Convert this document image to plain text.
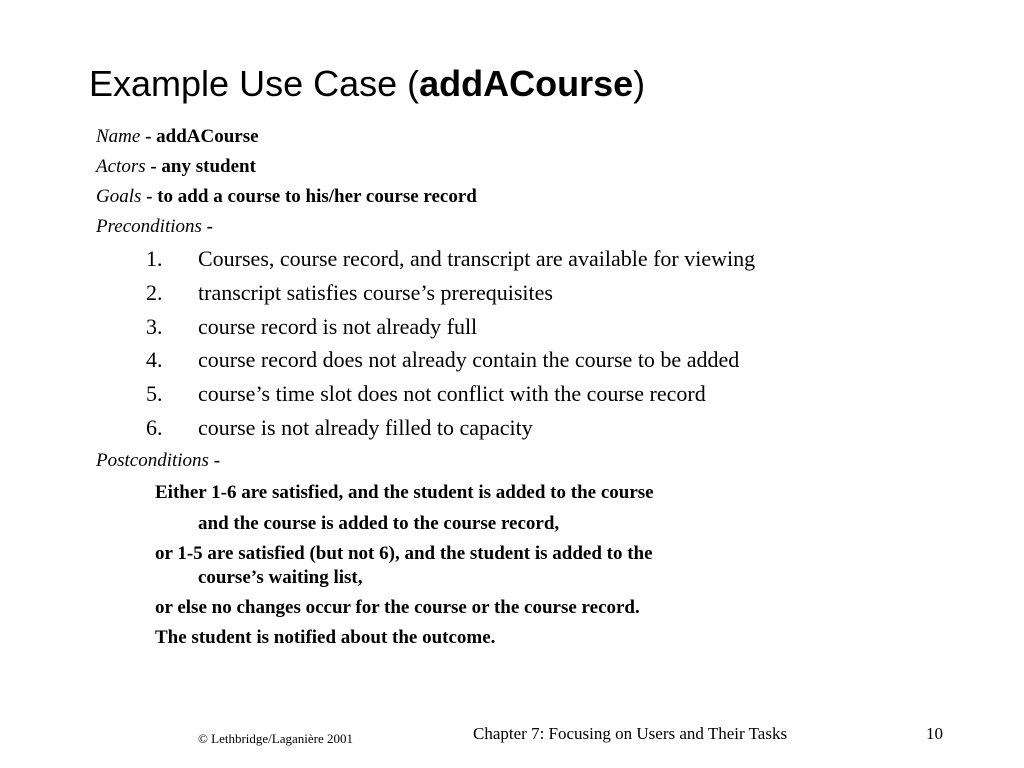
Example Use Case (addACourse)

Name - addACourse

Actors - any student

Goals - to add a course to his/her course record

Preconditions -

1. Courses, course record, and transcript are available for viewing

2. transcript satisfies course’s prerequisites

3. course record is not already full

4. course record does not already contain the course to be added

5. course’s time slot does not conflict with the course record

6. course is not already filled to capacity

Postconditions -

Either 1-6 are satisfied, and the student is added to the course

and the course is added to the course record,

or 1-5 are satisfied (but not 6), and the student is added to the

course’s waiting list,

or else no changes occur for the course or the course record.

The student is notified about the outcome.

© Lethbridge/Laganière 2001	Chapter 7: Focusing on Users and Their Tasks	10
